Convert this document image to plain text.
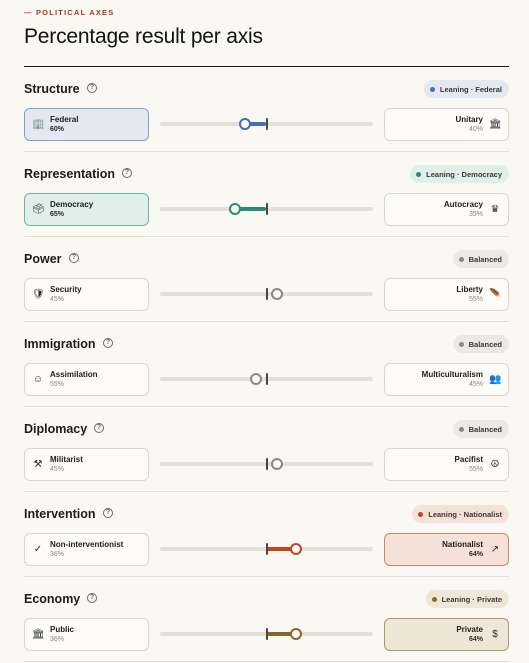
— POLITICAL AXES
Percentage result per axis
Structure	?	Leaning · Federal
🏢 Federal
60%	🏛
Unitary
40%
Representation	?	Leaning · Democracy
🗳 Democracy
65%	♛
Autocracy
35%
Power	?	Balanced
🛡 Security
45%	🪶
Liberty
55%
Immigration	?	Balanced
☺ Assimilation
55%	👥
Multiculturalism
45%
Diplomacy	?	Balanced
⚒ Militarist
45%	☮
Pacifist
55%
Intervention	?	Leaning · Nationalist
✓ Non-interventionist
36%	↗
Nationalist
64%
Economy	?	Leaning · Private
🏛 Public
36%	$
Private
64%
